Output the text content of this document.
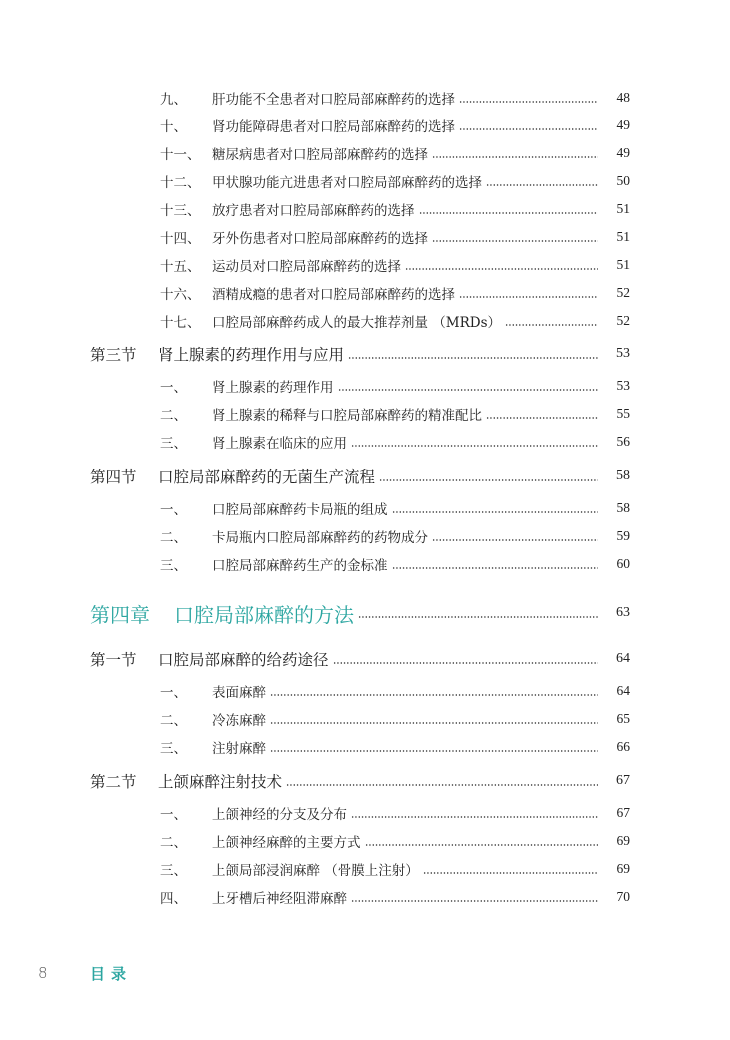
九、	肝功能不全患者对口腔局部麻醉药的选择	48
十、	肾功能障碍患者对口腔局部麻醉药的选择	49
十一、 糖尿病患者对口腔局部麻醉药的选择	49
十二、 甲状腺功能亢进患者对口腔局部麻醉药的选择	50
十三、 放疗患者对口腔局部麻醉药的选择	51
十四、 牙外伤患者对口腔局部麻醉药的选择	51
十五、 运动员对口腔局部麻醉药的选择	51
十六、 酒精成瘾的患者对口腔局部麻醉药的选择	52
十七、 口腔局部麻醉药成人的最大推荐剂量 （MRDs）	52
第三节	肾上腺素的药理作用与应用	53
一、	肾上腺素的药理作用	53
二、	肾上腺素的稀释与口腔局部麻醉药的精准配比	55
三、	肾上腺素在临床的应用	56
第四节	口腔局部麻醉药的无菌生产流程	58
一、	口腔局部麻醉药卡局瓶的组成	58
二、	卡局瓶内口腔局部麻醉药的药物成分	59
三、	口腔局部麻醉药生产的金标准	60
第四章	口腔局部麻醉的方法	63
第一节	口腔局部麻醉的给药途径	64
一、	表面麻醉	64
二、	冷冻麻醉	65
三、	注射麻醉	66
第二节	上颌麻醉注射技术	67
一、	上颌神经的分支及分布	67
二、	上颌神经麻醉的主要方式	69
三、	上颌局部浸润麻醉 （骨膜上注射）	69
四、	上牙槽后神经阻滞麻醉	70
8	目录
